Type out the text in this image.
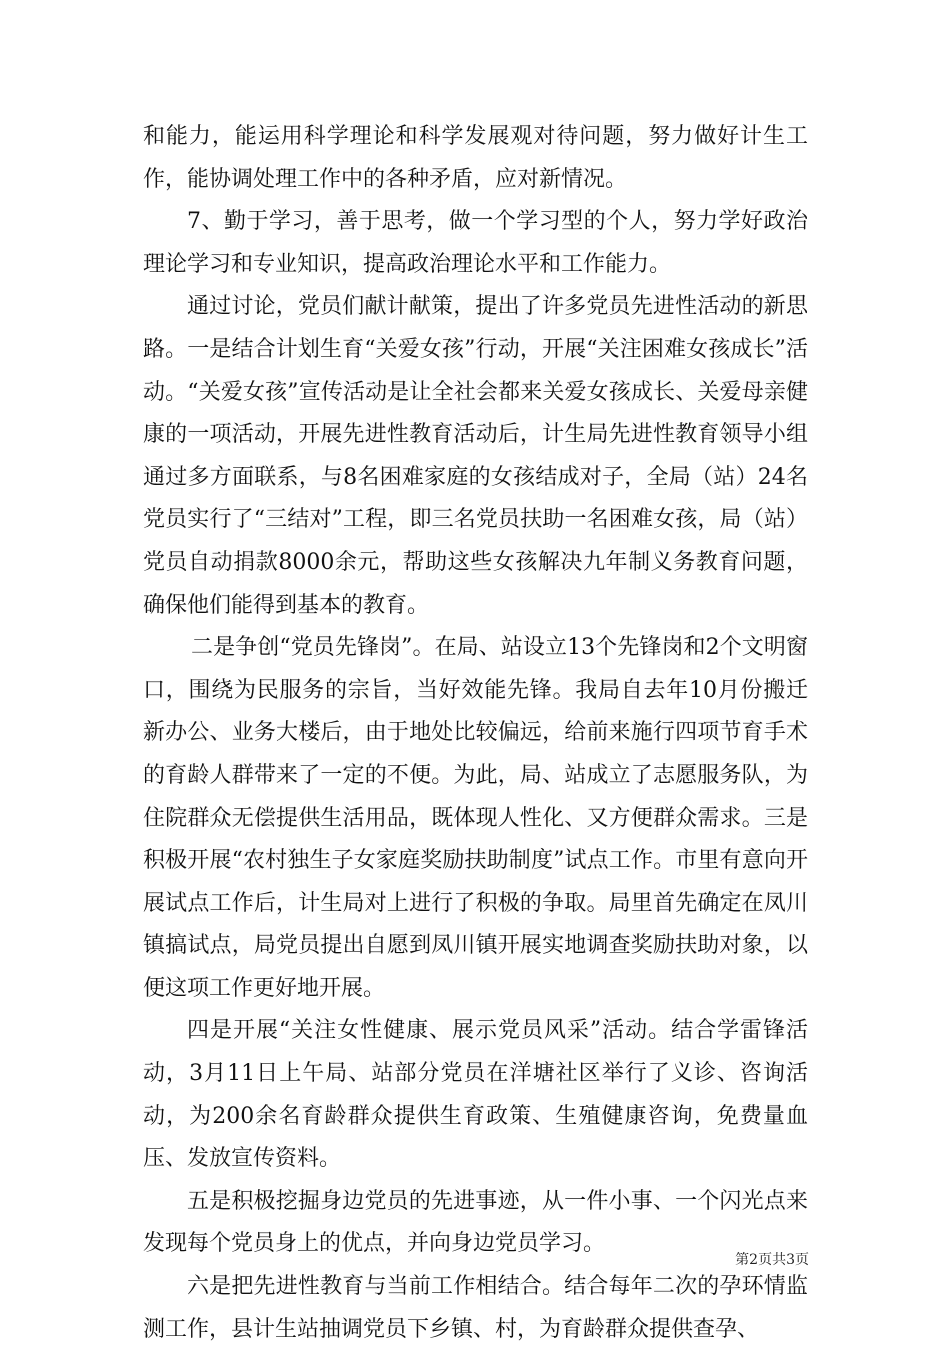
和能力，能运用科学理论和科学发展观对待问题，努力做好计生工作，能协调处理工作中的各种矛盾，应对新情况。

7、勤于学习，善于思考，做一个学习型的个人，努力学好政治理论学习和专业知识，提高政治理论水平和工作能力。

通过讨论，党员们献计献策，提出了许多党员先进性活动的新思路。一是结合计划生育“关爱女孩”行动，开展“关注困难女孩成长”活动。“关爱女孩”宣传活动是让全社会都来关爱女孩成长、关爱母亲健康的一项活动，开展先进性教育活动后，计生局先进性教育领导小组通过多方面联系，与8名困难家庭的女孩结成对子，全局（站）24名党员实行了“三结对”工程，即三名党员扶助一名困难女孩，局（站）党员自动捐款8000余元，帮助这些女孩解决九年制义务教育问题，确保他们能得到基本的教育。

二是争创“党员先锋岗”。在局、站设立13个先锋岗和2个文明窗口，围绕为民服务的宗旨，当好效能先锋。我局自去年10月份搬迁新办公、业务大楼后，由于地处比较偏远，给前来施行四项节育手术的育龄人群带来了一定的不便。为此，局、站成立了志愿服务队，为住院群众无偿提供生活用品，既体现人性化、又方便群众需求。三是积极开展“农村独生子女家庭奖励扶助制度”试点工作。市里有意向开展试点工作后，计生局对上进行了积极的争取。局里首先确定在凤川镇搞试点，局党员提出自愿到凤川镇开展实地调查奖励扶助对象，以便这项工作更好地开展。

四是开展“关注女性健康、展示党员风采”活动。结合学雷锋活动，3月11日上午局、站部分党员在洋塘社区举行了义诊、咨询活动，为200余名育龄群众提供生育政策、生殖健康咨询，免费量血压、发放宣传资料。

五是积极挖掘身边党员的先进事迹，从一件小事、一个闪光点来发现每个党员身上的优点，并向身边党员学习。

六是把先进性教育与当前工作相结合。结合每年二次的孕环情监测工作，县计生站抽调党员下乡镇、村，为育龄群众提供查孕、

第2页共3页
